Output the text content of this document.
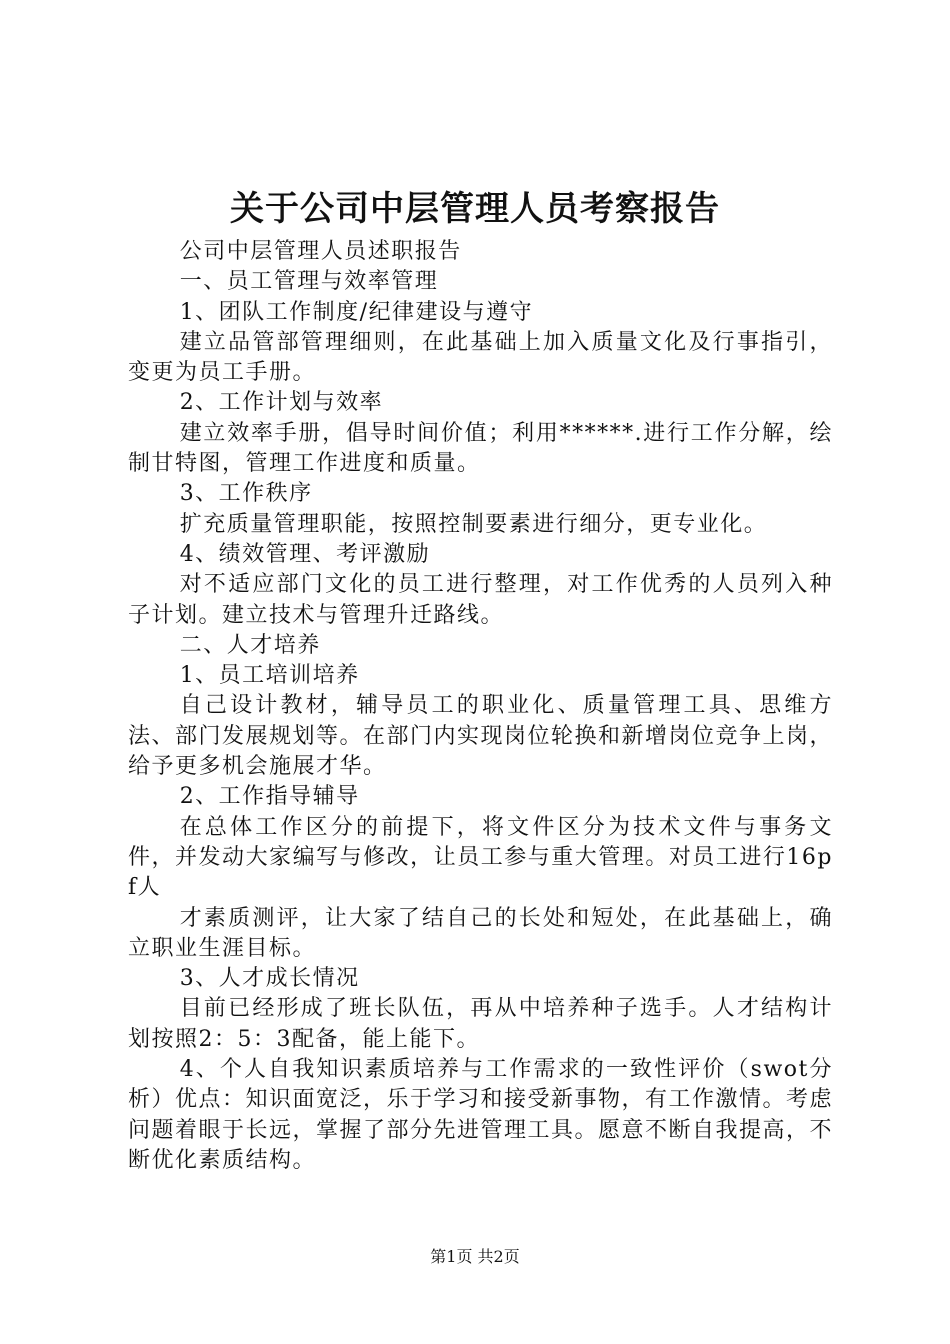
关于公司中层管理人员考察报告

公司中层管理人员述职报告

一、员工管理与效率管理

1、团队工作制度/纪律建设与遵守

建立品管部管理细则，在此基础上加入质量文化及行事指引，变更为员工手册。

2、工作计划与效率

建立效率手册，倡导时间价值；利用******.进行工作分解，绘制甘特图，管理工作进度和质量。

3、工作秩序

扩充质量管理职能，按照控制要素进行细分，更专业化。

4、绩效管理、考评激励

对不适应部门文化的员工进行整理，对工作优秀的人员列入种子计划。建立技术与管理升迁路线。

二、人才培养

1、员工培训培养

自己设计教材，辅导员工的职业化、质量管理工具、思维方法、部门发展规划等。在部门内实现岗位轮换和新增岗位竞争上岗，给予更多机会施展才华。

2、工作指导辅导

在总体工作区分的前提下，将文件区分为技术文件与事务文件，并发动大家编写与修改，让员工参与重大管理。对员工进行16pf人

才素质测评，让大家了结自己的长处和短处，在此基础上，确立职业生涯目标。

3、人才成长情况

目前已经形成了班长队伍，再从中培养种子选手。人才结构计划按照2：5：3配备，能上能下。

4、个人自我知识素质培养与工作需求的一致性评价（swot分析）优点：知识面宽泛，乐于学习和接受新事物，有工作激情。考虑问题着眼于长远，掌握了部分先进管理工具。愿意不断自我提高，不断优化素质结构。

第1页 共2页
